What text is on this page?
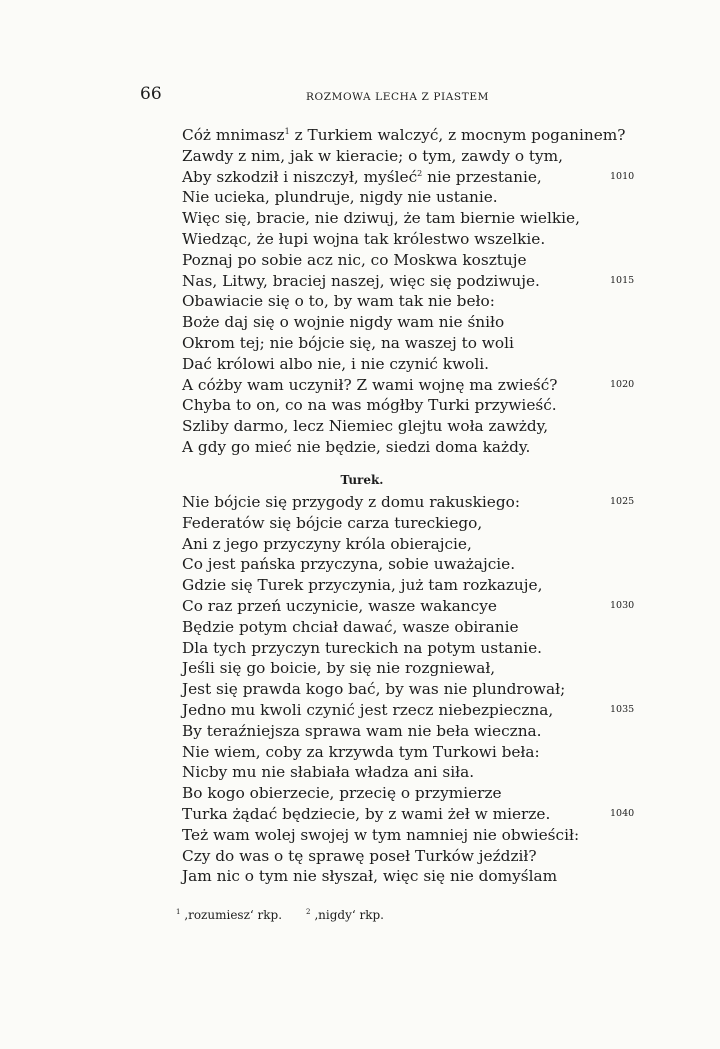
66	ROZMOWA LECHA Z PIASTEM
Cóż mnimasz$^1$ z Turkiem walczyć, z mocnym poganinem?
Zawdy z nim, jak w kieracie; o tym, zawdy o tym,
Aby szkodził i niszczył, myśleć$^2$ nie przestanie,	1010
Nie ucieka, plundruje, nigdy nie ustanie.
Więc się, bracie, nie dziwuj, że tam biernie wielkie,
Wiedząc, że łupi wojna tak królestwo wszelkie.
Poznaj po sobie acz nic, co Moskwa kosztuje
Nas, Litwy, braciej naszej, więc się podziwuje.	1015
Obawiacie się o to, by wam tak nie beło:
Boże daj się o wojnie nigdy wam nie śniło
Okrom tej; nie bójcie się, na waszej to woli
Dać królowi albo nie, i nie czynić kwoli.
A cóżby wam uczynił? Z wami wojnę ma zwieść?	1020
Chyba to on, co na was mógłby Turki przywieść.
Szliby darmo, lecz Niemiec glejtu woła zawżdy,
A gdy go mieć nie będzie, siedzi doma każdy.
Turek.
Nie bójcie się przygody z domu rakuskiego:	1025
Federatów się bójcie carza tureckiego,
Ani z jego przyczyny króla obierajcie,
Co jest pańska przyczyna, sobie uważajcie.
Gdzie się Turek przyczynia, już tam rozkazuje,
Co raz przeń uczynicie, wasze wakancye	1030
Będzie potym chciał dawać, wasze obiranie
Dla tych przyczyn tureckich na potym ustanie.
Jeśli się go boicie, by się nie rozgniewał,
Jest się prawda kogo bać, by was nie plundrował;
Jedno mu kwoli czynić jest rzecz niebezpieczna,	1035
By teraźniejsza sprawa wam nie beła wieczna.
Nie wiem, coby za krzywda tym Turkowi beła:
Nicby mu nie słabiała władza ani siła.
Bo kogo obierzecie, przecię o przymierze
Turka żądać będziecie, by z wami żeł w mierze.	1040
Też wam wolej swojej w tym namniej nie obwieścił:
Czy do was o tę sprawę poseł Turków jeździł?
Jam nic o tym nie słyszał, więc się nie domyślam
$^1$ ‚rozumiesz‘ rkp.	$^2$ ‚nigdy‘ rkp.
